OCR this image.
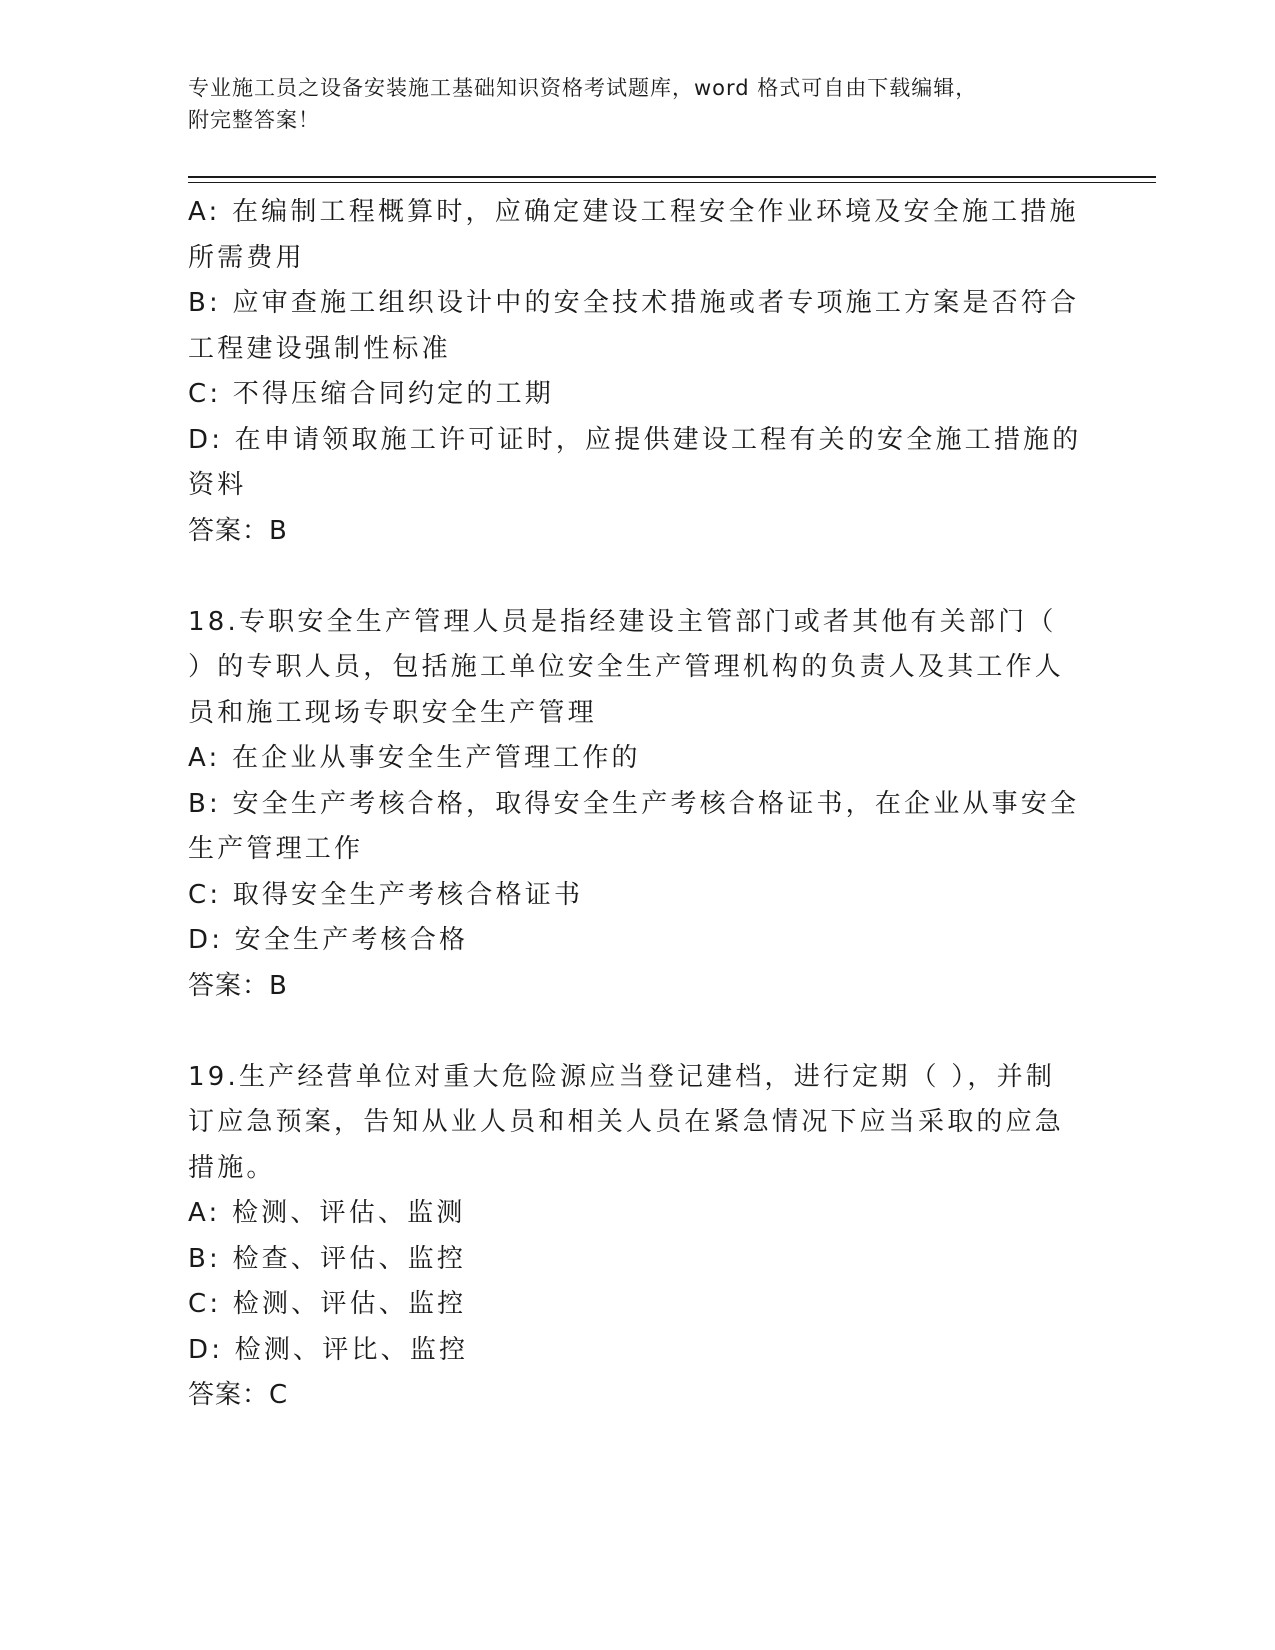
专业施工员之设备安装施工基础知识资格考试题库，word 格式可自由下载编辑，
附完整答案！
A: 在编制工程概算时，应确定建设工程安全作业环境及安全施工措施
所需费用
B: 应审查施工组织设计中的安全技术措施或者专项施工方案是否符合
工程建设强制性标准
C: 不得压缩合同约定的工期
D: 在申请领取施工许可证时，应提供建设工程有关的安全施工措施的
资料
答案：B
18.专职安全生产管理人员是指经建设主管部门或者其他有关部门（
）的专职人员，包括施工单位安全生产管理机构的负责人及其工作人
员和施工现场专职安全生产管理
A: 在企业从事安全生产管理工作的
B: 安全生产考核合格，取得安全生产考核合格证书，在企业从事安全
生产管理工作
C: 取得安全生产考核合格证书
D: 安全生产考核合格
答案：B
19.生产经营单位对重大危险源应当登记建档，进行定期（ ），并制
订应急预案，告知从业人员和相关人员在紧急情况下应当采取的应急
措施。
A: 检测、评估、监测
B: 检查、评估、监控
C: 检测、评估、监控
D: 检测、评比、监控
答案：C
